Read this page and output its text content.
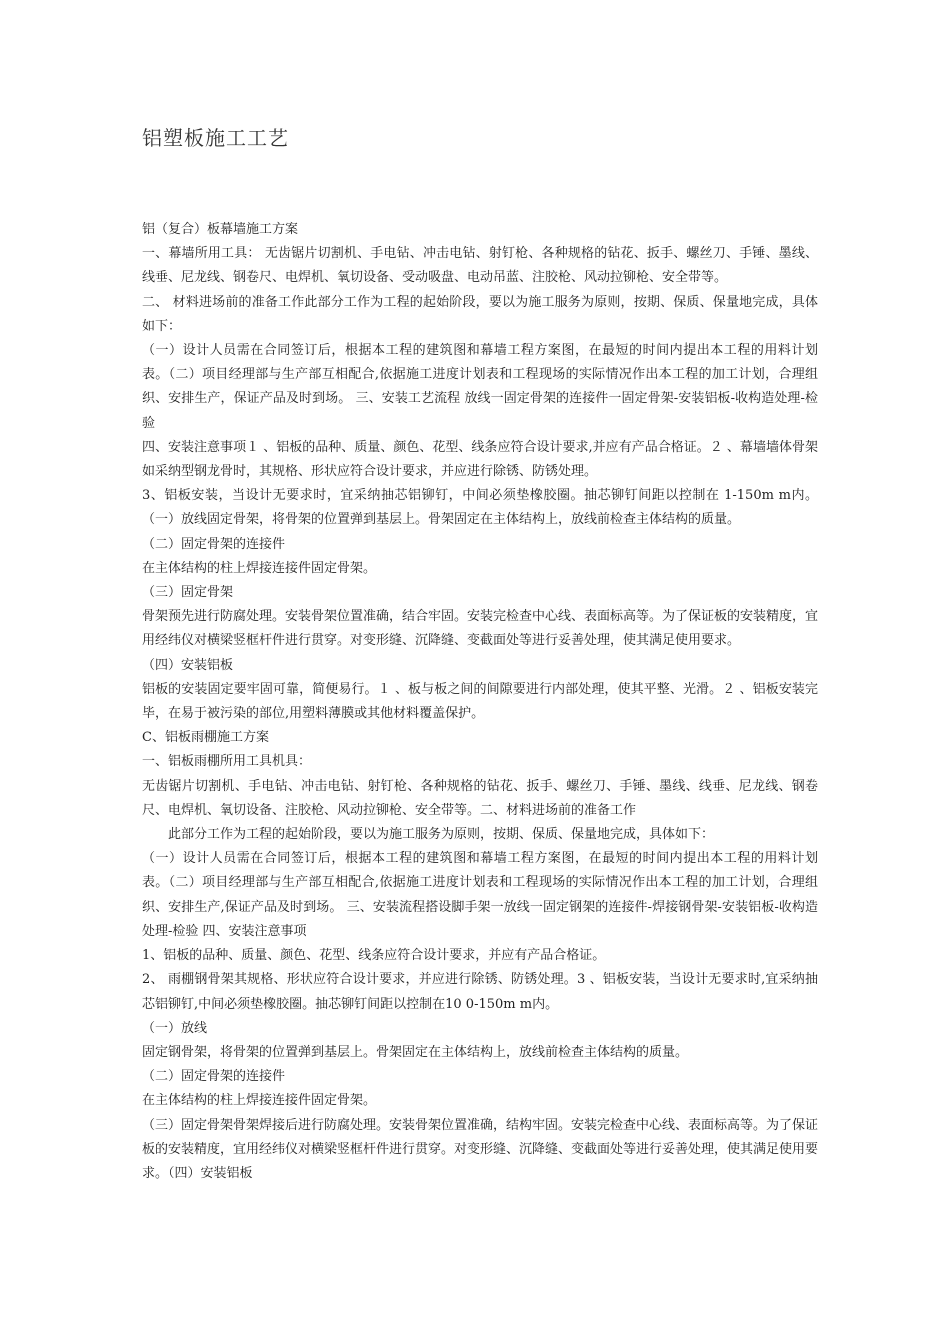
铝塑板施工工艺

铝（复合）板幕墙施工方案

一、幕墙所用工具： 无齿锯片切割机、手电钻、冲击电钻、射钉枪、各种规格的钻花、扳手、螺丝刀、手锤、墨线、线垂、尼龙线、钢卷尺、电焊机、氧切设备、受动吸盘、电动吊蓝、注胶枪、风动拉铆枪、安全带等。

二、 材料进场前的准备工作此部分工作为工程的起始阶段，要以为施工服务为原则，按期、保质、保量地完成，具体如下：

（一）设计人员需在合同签订后，根据本工程的建筑图和幕墙工程方案图，在最短的时间内提出本工程的用料计划表。（二）项目经理部与生产部互相配合,依据施工进度计划表和工程现场的实际情况作出本工程的加工计划，合理组织、安排生产，保证产品及时到场。 三、安装工艺流程 放线一固定骨架的连接件一固定骨架-安装铝板-收构造处理-检验

四、安装注意事项１ 、铝板的品种、质量、颜色、花型、线条应符合设计要求,并应有产品合格证。２ 、幕墙墙体骨架如采纳型钢龙骨时，其规格、形状应符合设计要求，并应进行除锈、防锈处理。

3、铝板安装，当设计无要求时，宜采纳抽芯铝铆钉，中间必须垫橡胶圈。抽芯铆钉间距以控制在 1-150m m内。（一）放线固定骨架，将骨架的位置弹到基层上。骨架固定在主体结构上，放线前检查主体结构的质量。

（二）固定骨架的连接件

在主体结构的柱上焊接连接件固定骨架。

（三）固定骨架

骨架预先进行防腐处理。安装骨架位置准确，结合牢固。安装完检查中心线、表面标高等。为了保证板的安装精度，宜用经纬仪对横梁竖框杆件进行贯穿。对变形缝、沉降缝、变截面处等进行妥善处理，使其满足使用要求。

（四）安装铝板

铝板的安装固定要牢固可靠，简便易行。１ 、板与板之间的间隙要进行内部处理，使其平整、光滑。２ 、铝板安装完毕，在易于被污染的部位,用塑料薄膜或其他材料覆盖保护。

C、铝板雨棚施工方案

一、铝板雨棚所用工具机具：

无齿锯片切割机、手电钻、冲击电钻、射钉枪、各种规格的钻花、扳手、螺丝刀、手锤、墨线、线垂、尼龙线、钢卷尺、电焊机、氧切设备、注胶枪、风动拉铆枪、安全带等。二、材料进场前的准备工作

此部分工作为工程的起始阶段，要以为施工服务为原则，按期、保质、保量地完成，具体如下：

（一）设计人员需在合同签订后，根据本工程的建筑图和幕墙工程方案图，在最短的时间内提出本工程的用料计划表。（二）项目经理部与生产部互相配合,依据施工进度计划表和工程现场的实际情况作出本工程的加工计划，合理组织、安排生产,保证产品及时到场。 三、安装流程搭设脚手架一放线一固定钢架的连接件-焊接钢骨架-安装铝板-收构造处理-检验 四、安装注意事项

1、铝板的品种、质量、颜色、花型、线条应符合设计要求，并应有产品合格证。

2、 雨棚钢骨架其规格、形状应符合设计要求，并应进行除锈、防锈处理。3 、铝板安装，当设计无要求时,宜采纳抽芯铝铆钉,中间必须垫橡胶圈。抽芯铆钉间距以控制在10 0-150m m内。

（一）放线

固定钢骨架，将骨架的位置弹到基层上。骨架固定在主体结构上，放线前检查主体结构的质量。

（二）固定骨架的连接件

在主体结构的柱上焊接连接件固定骨架。

（三）固定骨架骨架焊接后进行防腐处理。安装骨架位置准确，结构牢固。安装完检查中心线、表面标高等。为了保证板的安装精度，宜用经纬仪对横梁竖框杆件进行贯穿。对变形缝、沉降缝、变截面处等进行妥善处理，使其满足使用要求。（四）安装铝板
